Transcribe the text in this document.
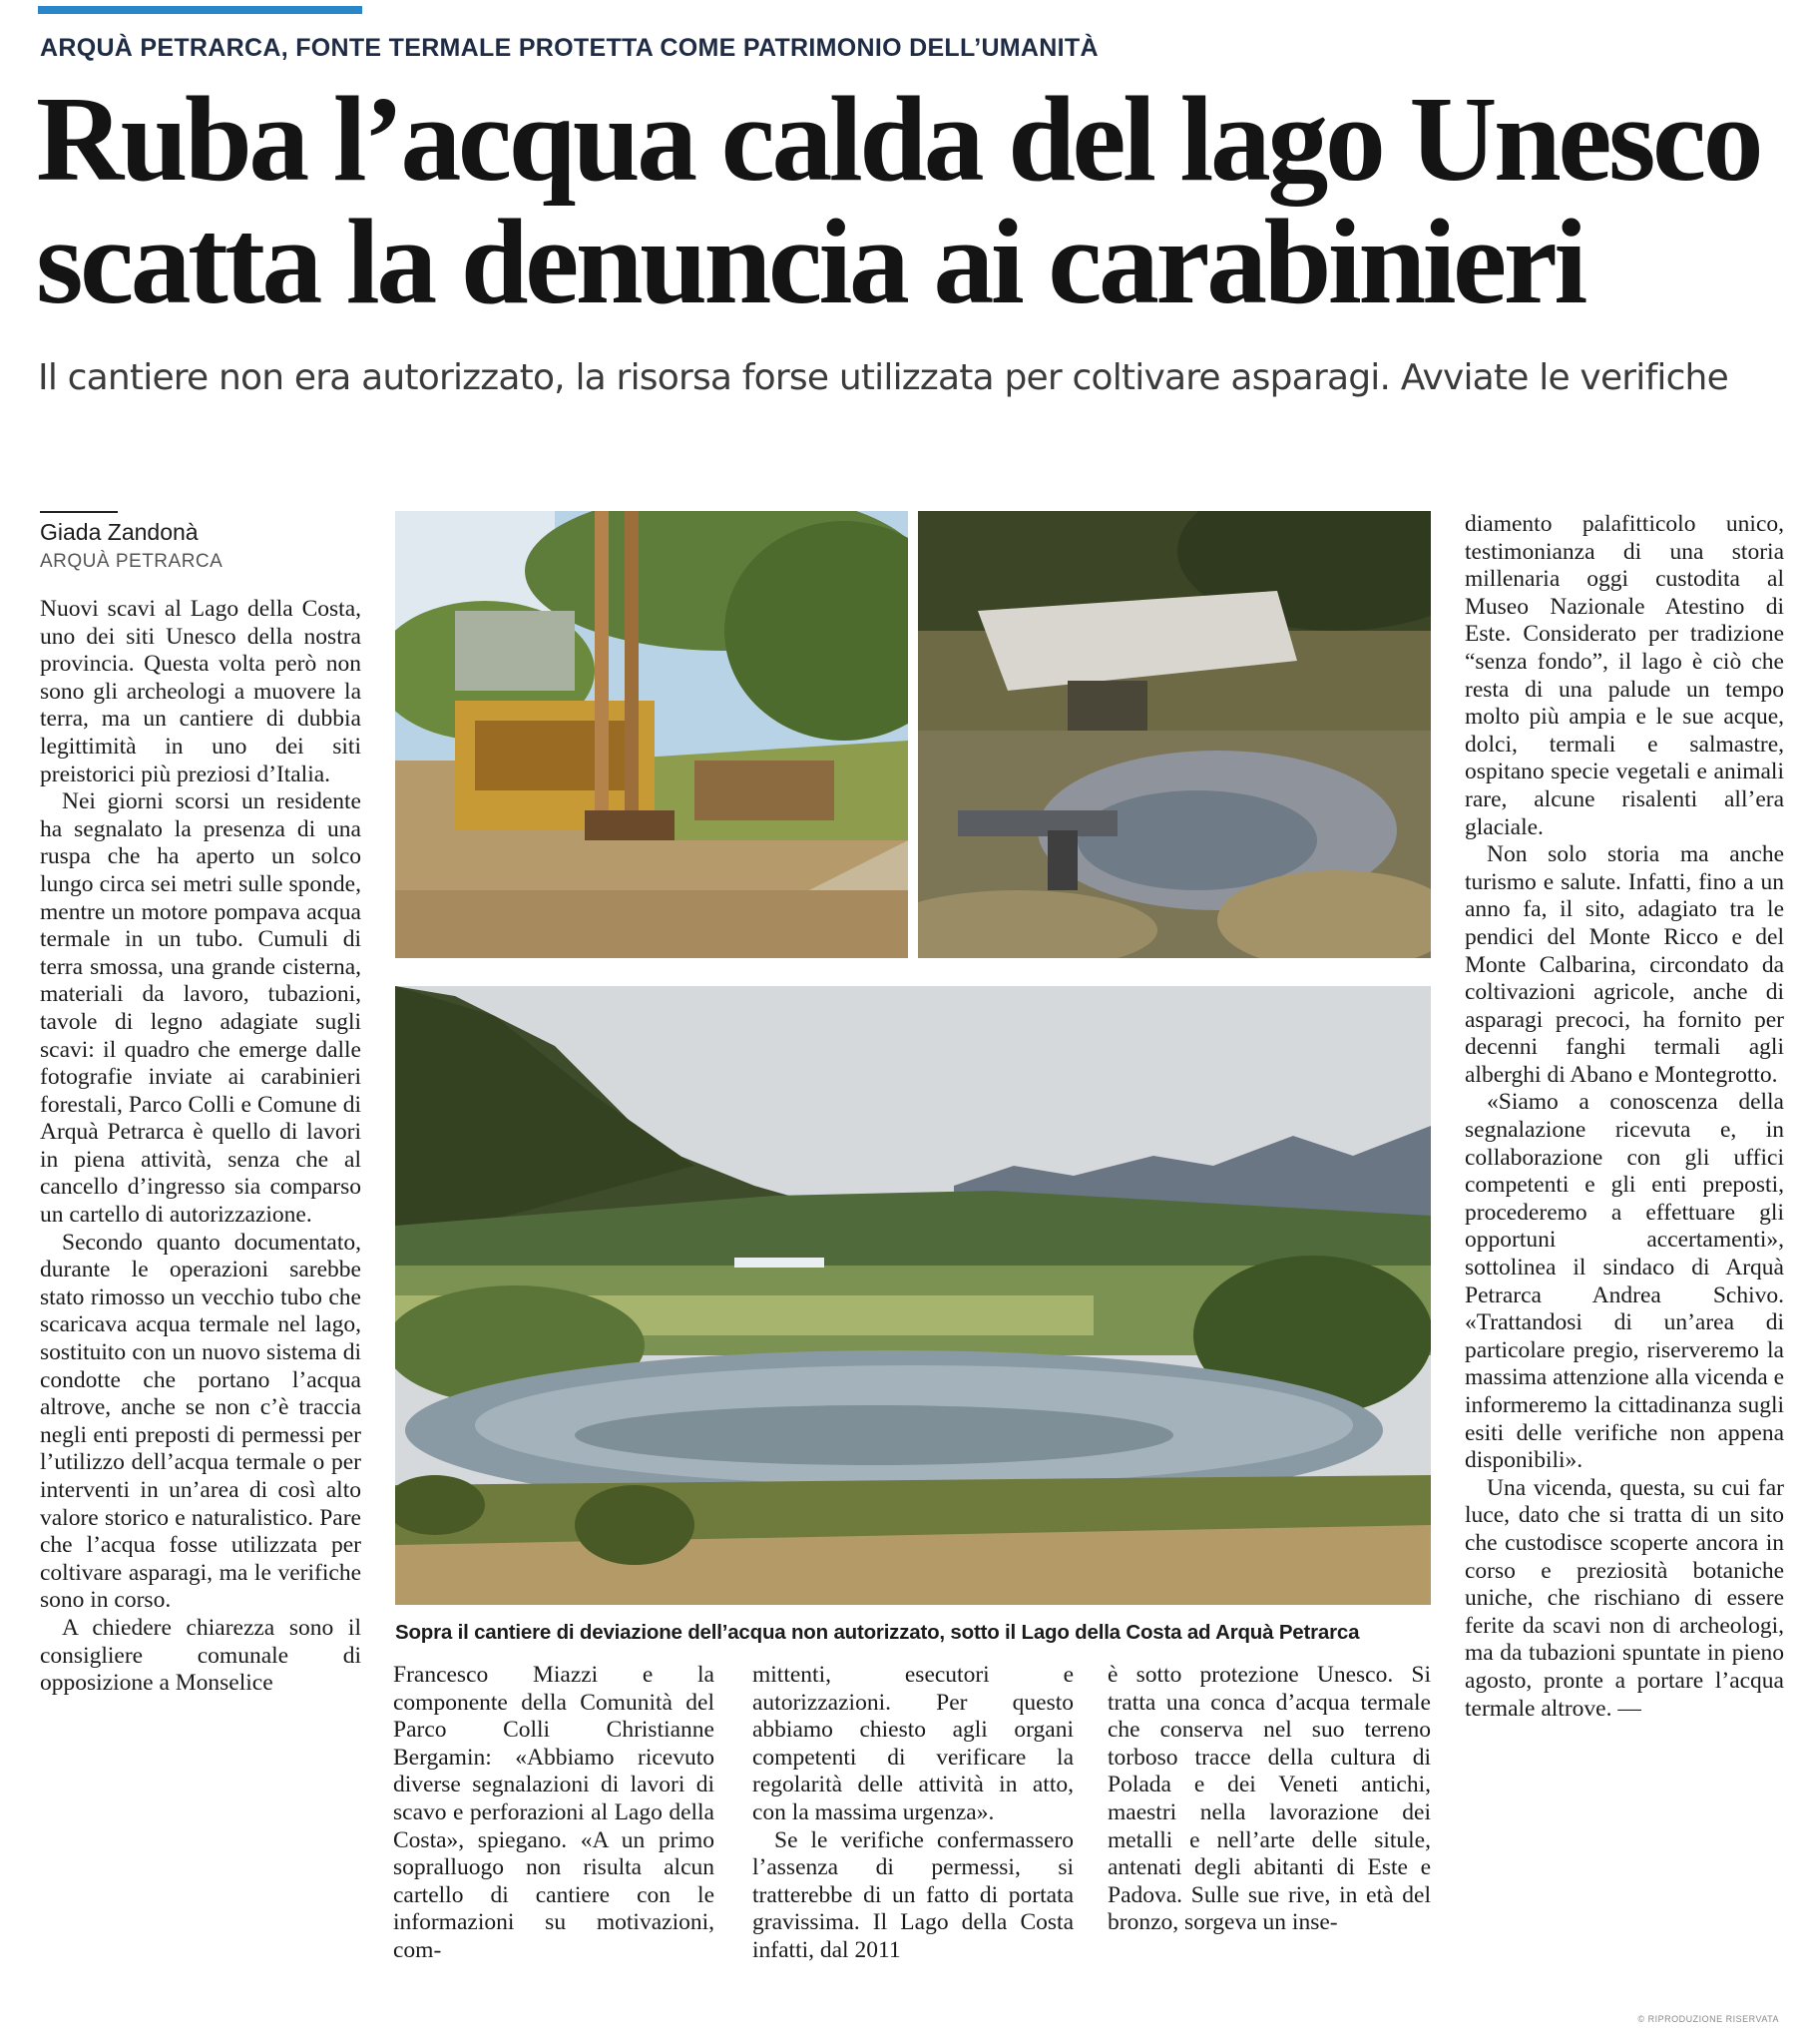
ARQUÀ PETRARCA, FONTE TERMALE PROTETTA COME PATRIMONIO DELL’UMANITÀ
Ruba l’acqua calda del lago Unesco
scatta la denuncia ai carabinieri
Il cantiere non era autorizzato, la risorsa forse utilizzata per coltivare asparagi. Avviate le verifiche
Giada Zandonà
ARQUÀ PETRARCA

Nuovi scavi al Lago della Costa, uno dei siti Unesco della nostra provincia. Questa volta però non sono gli archeologi a muovere la terra, ma un cantiere di dubbia legittimità in uno dei siti preistorici più preziosi d’Italia.

Nei giorni scorsi un residente ha segnalato la presenza di una ruspa che ha aperto un solco lungo circa sei metri sulle sponde, mentre un motore pompava acqua termale in un tubo. Cumuli di terra smossa, una grande cisterna, materiali da lavoro, tubazioni, tavole di legno adagiate sugli scavi: il quadro che emerge dalle fotografie inviate ai carabinieri forestali, Parco Colli e Comune di Arquà Petrarca è quello di lavori in piena attività, senza che al cancello d’ingresso sia comparso un cartello di autorizzazione.

Secondo quanto documentato, durante le operazioni sarebbe stato rimosso un vecchio tubo che scaricava acqua termale nel lago, sostituito con un nuovo sistema di condotte che portano l’acqua altrove, anche se non c’è traccia negli enti preposti di permessi per l’utilizzo dell’acqua termale o per interventi in un’area di così alto valore storico e naturalistico. Pare che l’acqua fosse utilizzata per coltivare asparagi, ma le verifiche sono in corso.

A chiedere chiarezza sono il consigliere comunale di opposizione a Monselice

Sopra il cantiere di deviazione dell’acqua non autorizzato, sotto il Lago della Costa ad Arquà Petrarca

Francesco Miazzi e la componente della Comunità del Parco Colli Christianne Bergamin: «Abbiamo ricevuto diverse segnalazioni di lavori di scavo e perforazioni al Lago della Costa», spiegano. «A un primo sopralluogo non risulta alcun cartello di cantiere con le informazioni su motivazioni, com-

mittenti, esecutori e autorizzazioni. Per questo abbiamo chiesto agli organi competenti di verificare la regolarità delle attività in atto, con la massima urgenza».

Se le verifiche confermassero l’assenza di permessi, si tratterebbe di un fatto di portata gravissima. Il Lago della Costa infatti, dal 2011

è sotto protezione Unesco. Si tratta una conca d’acqua termale che conserva nel suo terreno torboso tracce della cultura di Polada e dei Veneti antichi, maestri nella lavorazione dei metalli e nell’arte delle situle, antenati degli abitanti di Este e Padova. Sulle sue rive, in età del bronzo, sorgeva un inse-

diamento palafitticolo unico, testimonianza di una storia millenaria oggi custodita al Museo Nazionale Atestino di Este. Considerato per tradizione “senza fondo”, il lago è ciò che resta di una palude un tempo molto più ampia e le sue acque, dolci, termali e salmastre, ospitano specie vegetali e animali rare, alcune risalenti all’era glaciale.

Non solo storia ma anche turismo e salute. Infatti, fino a un anno fa, il sito, adagiato tra le pendici del Monte Ricco e del Monte Calbarina, circondato da coltivazioni agricole, anche di asparagi precoci, ha fornito per decenni fanghi termali agli alberghi di Abano e Montegrotto.

«Siamo a conoscenza della segnalazione ricevuta e, in collaborazione con gli uffici competenti e gli enti preposti, procederemo a effettuare gli opportuni accertamenti», sottolinea il sindaco di Arquà Petrarca Andrea Schivo. «Trattandosi di un’area di particolare pregio, riserveremo la massima attenzione alla vicenda e informeremo la cittadinanza sugli esiti delle verifiche non appena disponibili».

Una vicenda, questa, su cui far luce, dato che si tratta di un sito che custodisce scoperte ancora in corso e preziosità botaniche uniche, che rischiano di essere ferite da scavi non di archeologi, ma da tubazioni spuntate in pieno agosto, pronte a portare l’acqua termale altrove. —

© RIPRODUZIONE RISERVATA
